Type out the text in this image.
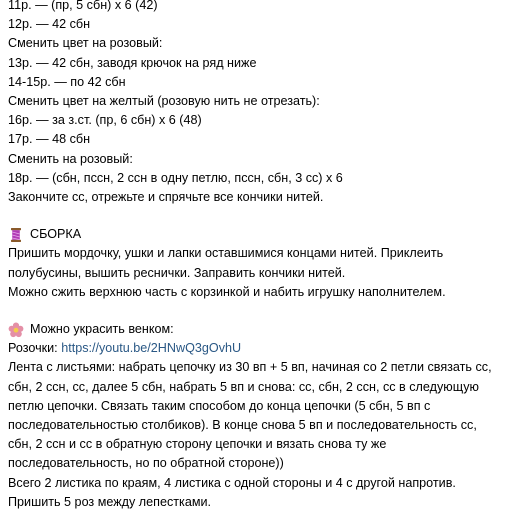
11р. — (пр, 5 сбн) х 6 (42)
12р. — 42 сбн
Сменить цвет на розовый:
13р. — 42 сбн, заводя крючок на ряд ниже
14-15р. — по 42 сбн
Сменить цвет на желтый (розовую нить не отрезать):
16р. — за з.ст. (пр, 6 сбн) х 6 (48)
17р. — 48 сбн
Сменить на розовый:
18р. — (сбн, пссн, 2 ссн в одну петлю, пссн, сбн, 3 сс) х 6
Закончите сс, отрежьте и спрячьте все кончики нитей.
СБОРКА
Пришить мордочку, ушки и лапки оставшимися концами нитей. Приклеить
полубусины, вышить реснички. Заправить кончики нитей.
Можно сжить верхнюю часть с корзинкой и набить игрушку наполнителем.
Можно украсить венком:
Розочки: https://youtu.be/2HNwQ3gOvhU
Лента с листьями: набрать цепочку из 30 вп + 5 вп, начиная со 2 петли связать сс,
сбн, 2 ссн, сс, далее 5 сбн, набрать 5 вп и снова: сс, сбн, 2 ссн, сс в следующую
петлю цепочки. Связать таким способом до конца цепочки (5 сбн, 5 вп с
последовательностью столбиков). В конце снова 5 вп и последовательность сс,
сбн, 2 ссн и сс в обратную сторону цепочки и вязать снова ту же
последовательность, но по обратной стороне))
Всего 2 листика по краям, 4 листика с одной стороны и 4 с другой напротив.
Пришить 5 роз между лепестками.
